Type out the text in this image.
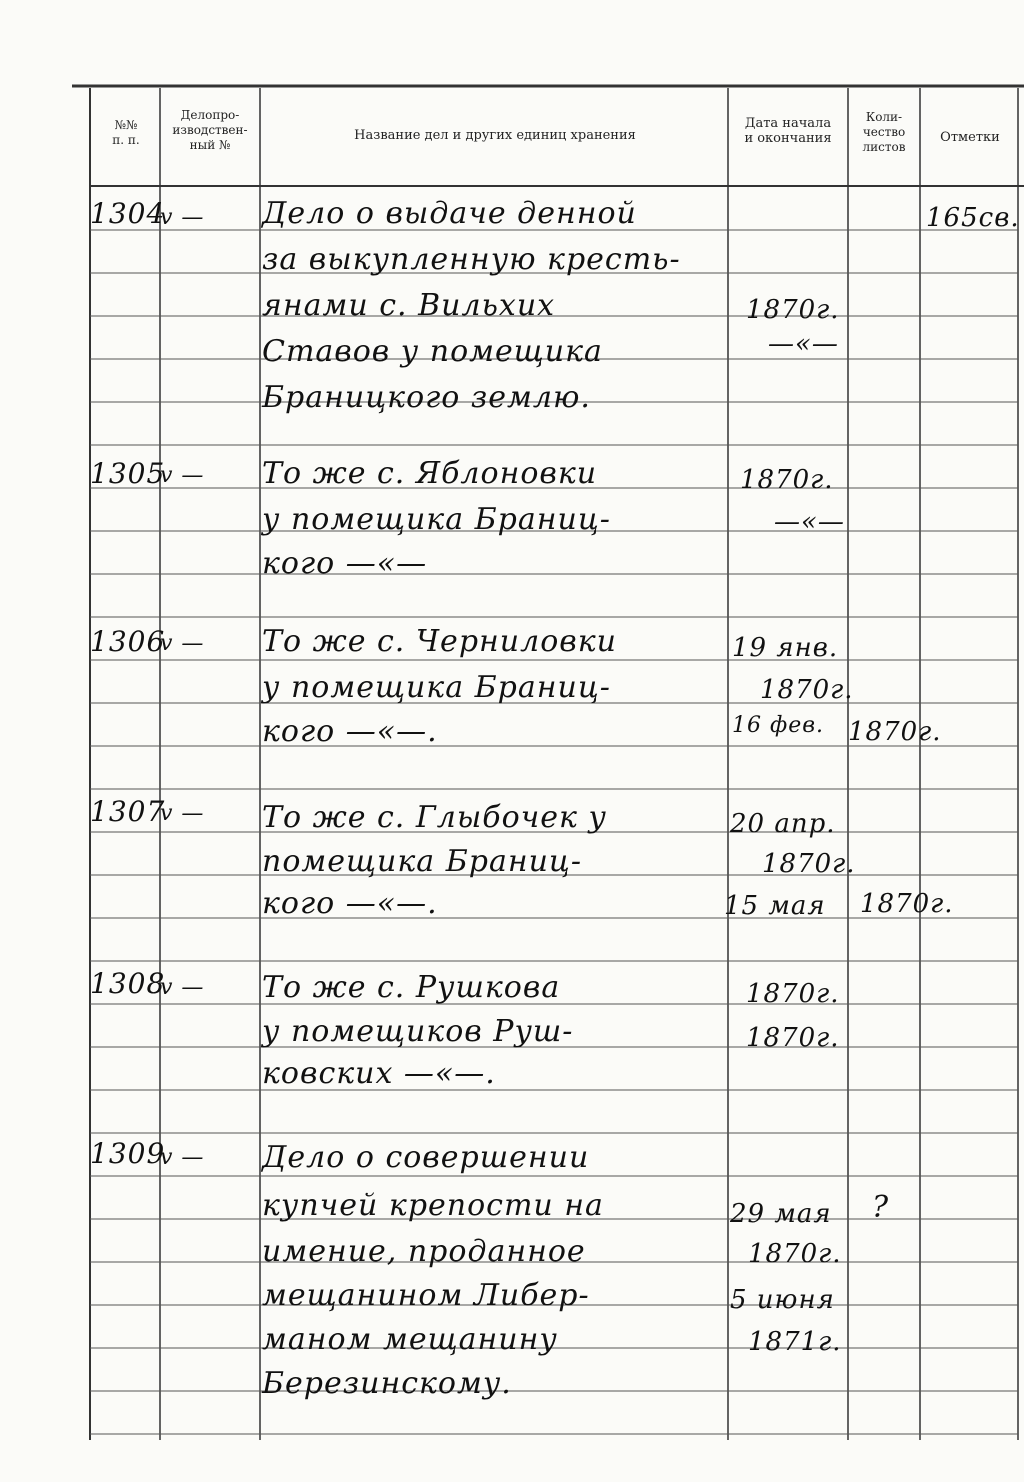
№№
п. п.
Делопро-
изводствен-
ный №
Название дел и других единиц хранения
Дата начала
и окончания
Коли-
чество
листов
Отметки
1304
v — Дело о выдаче денной
за выкупленную кресть-
янами с. Вильхих
Ставов у помещика
Браницкого землю.
1870г.
—«—
165св.
1305
v — То же с. Яблоновки
у помещика Браниц-
кого —«—
1870г.
—«—
1306
v — То же с. Черниловки
у помещика Браниц-
кого —«—.
19 янв.
1870г.
16 фев. 1870г.
1307
v — То же с. Глыбочек у
помещика Браниц-
кого —«—.
20 апр.
1870г.
15 мая 1870г.
1308
v — То же с. Рушкова
у помещиков Руш-
ковских —«—.
1870г.
1870г.
1309
v — Дело о совершении
купчей крепости на
имение, проданное
мещанином Либер-
маном мещанину
Березинскому.
29 мая
1870г.
5 июня
1871г.
?
